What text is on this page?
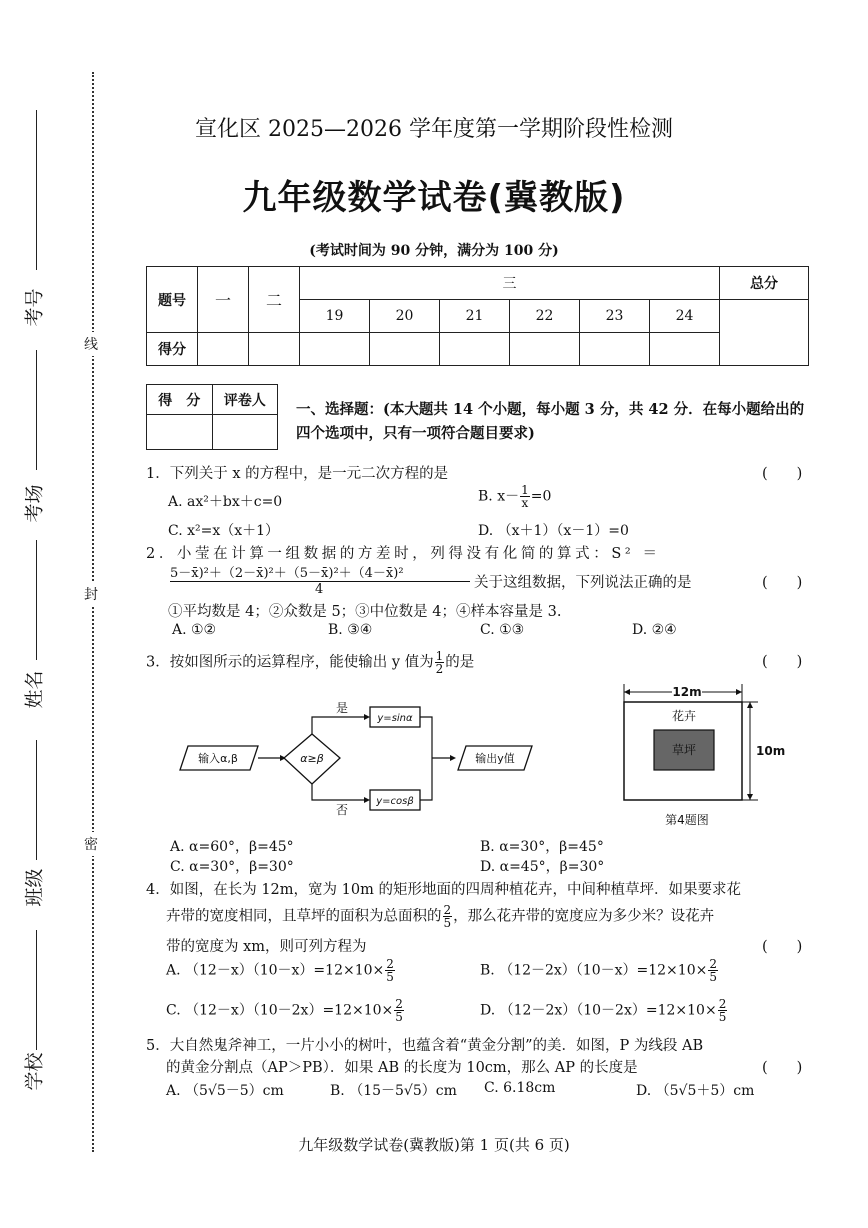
考号
考场
姓名
班级
学校
线
封
密
宣化区 2025—2026 学年度第一学期阶段性检测
九年级数学试卷(冀教版)
(考试时间为 90 分钟，满分为 100 分)
题号	一	二	三						总分
			19	20	21	22	23	24	
得分									
得　分	评卷人

一、选择题：(本大题共 14 个小题，每小题 3 分，共 42 分．在每小题给出的四个选项中，只有一项符合题目要求)
1．下列关于 x 的方程中，是一元二次方程的是	(　　)
A. ax²＋bx＋c=0	B. $x- \frac{1}{x} =0$
C. x²=x（x＋1）	D. （x＋1）（x－1）=0
2．小莹在计算一组数据的方差时，列得没有化简的算式：S² ＝
5－x̄)²＋（2－x̄)²＋（5－x̄)²＋（4－x̄)²
4	关于这组数据，下列说法正确的是	(　　)
①平均数是 4；②众数是 5；③中位数是 4；④样本容量是 3.
A. ①②	B. ③④	C. ①③	D. ②④
3．按如图所示的运算程序，能使输出 y 值为 $\frac{1}{2}$ 的是	(　　)
输入α,β	α≥β
是
否
y=sinα
y=cosβ
输出y值
12m
花卉
草坪	10m
第4题图
A. α=60°，β=45°	B. α=30°，β=45°
C. α=30°，β=30°	D. α=45°，β=30°
4．如图，在长为 12m，宽为 10m 的矩形地面的四周种植花卉，中间种植草坪．如果要求花
卉带的宽度相同，且草坪的面积为总面积的 $\frac{2}{5}$ ，那么花卉带的宽度应为多少米？设花卉
带的宽度为 xm，则可列方程为	(　　)
A. $(12-x)(10-x)=12\times 10\times \frac{2}{5}$	B. $(12-2x)(10-x)=12\times 10\times \frac{2}{5}$
C. $(12-x)(10-2x)=12\times 10\times \frac{2}{5}$	D. $(12-2x)(10-2x)=12\times 10\times \frac{2}{5}$
5．大自然鬼斧神工，一片小小的树叶，也蕴含着“黄金分割”的美．如图，P 为线段 AB
的黄金分割点（AP＞PB）．如果 AB 的长度为 10cm，那么 AP 的长度是	(　　)
A. （5√5－5）cm	B. （15－5√5）cm C. 6.18cm	D. （5√5＋5）cm
九年级数学试卷(冀教版)第 1 页(共 6 页)
